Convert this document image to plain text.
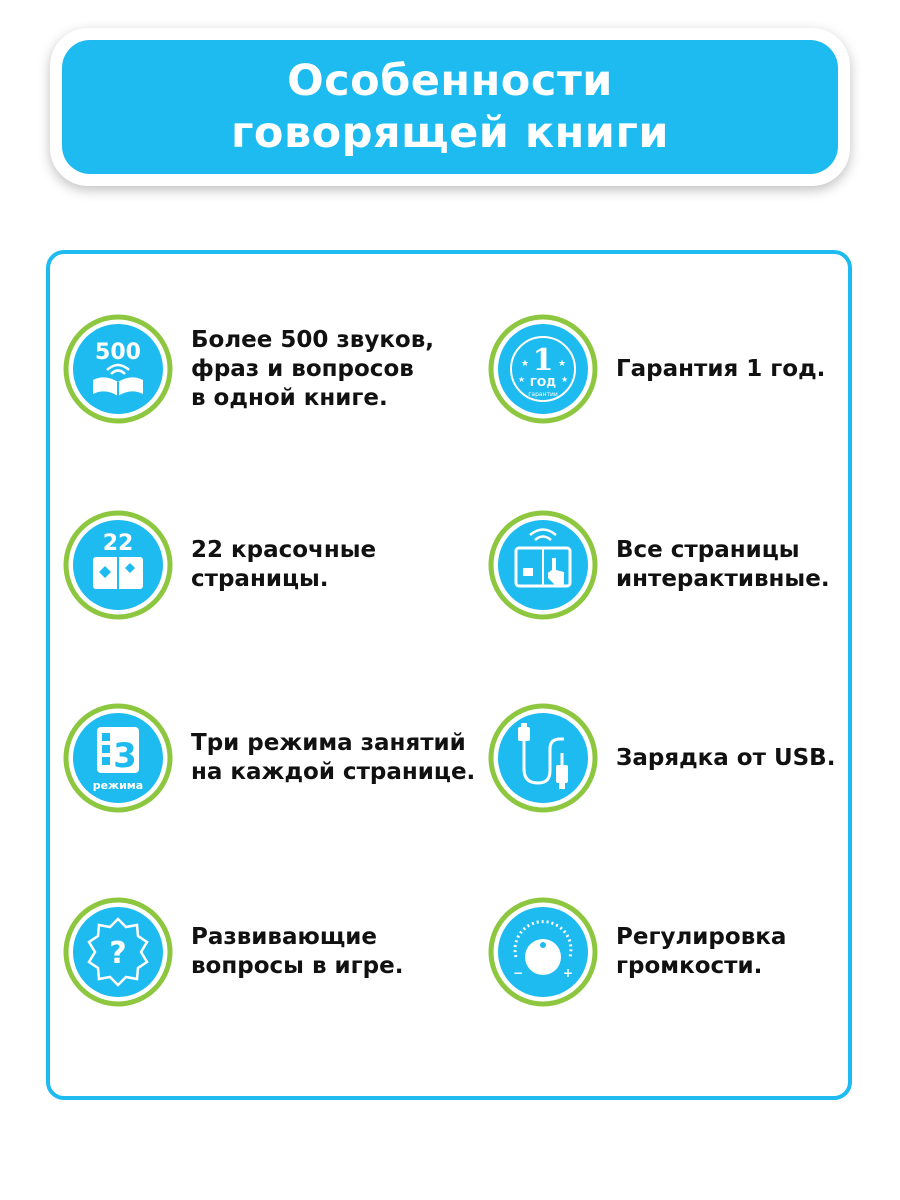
Особенности
говорящей книги
500 Более 500 звуков,
фраз и вопросов
в одной книге.
1
ГОД
гарантии
★	★
★	★ Гарантия 1 год.
22	22 красочные
страницы.
Все страницы
интерактивные.
3
режима
Три режима занятий
на каждой странице.
Зарядка от USB.
?	Развивающие
вопросы в игре.	−	+
Регулировка
громкости.
